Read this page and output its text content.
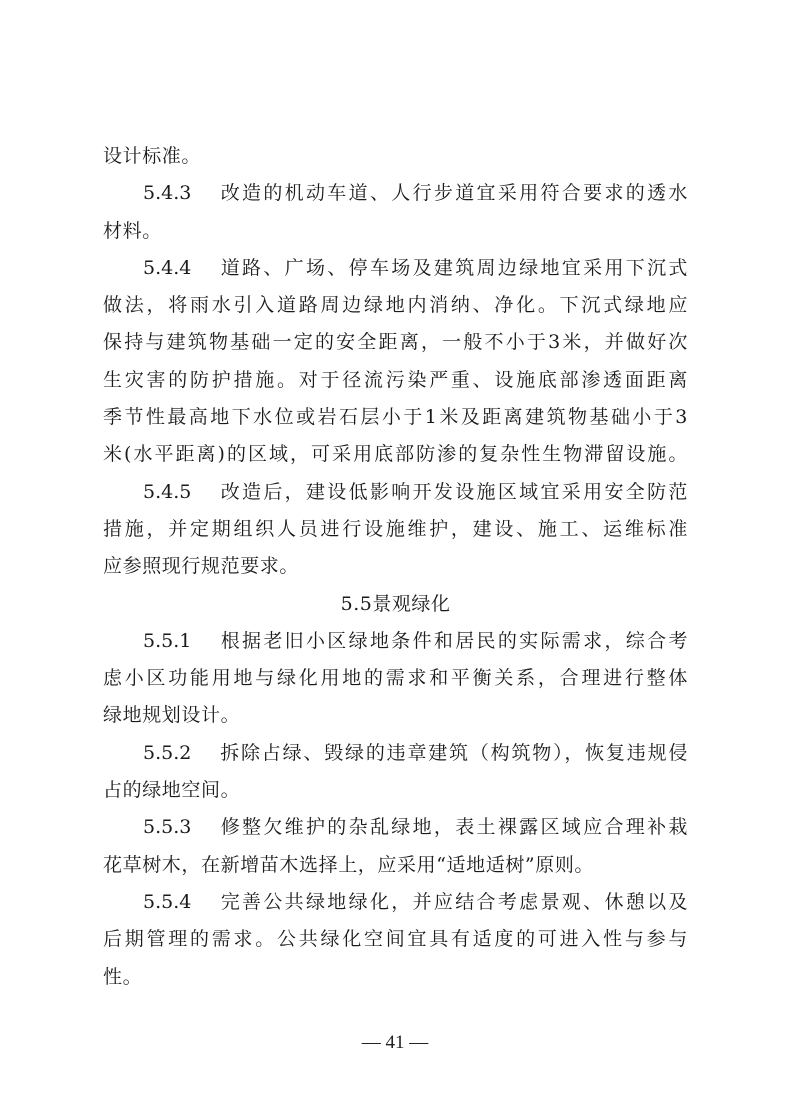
设计标准。
5.4.3 改造的机动车道、人行步道宜采用符合要求的透水
材料。
5.4.4 道路、广场、停车场及建筑周边绿地宜采用下沉式
做法，将雨水引入道路周边绿地内消纳、净化。下沉式绿地应
保持与建筑物基础一定的安全距离，一般不小于3米，并做好次
生灾害的防护措施。对于径流污染严重、设施底部渗透面距离
季节性最高地下水位或岩石层小于1米及距离建筑物基础小于3
米(水平距离)的区域，可采用底部防渗的复杂性生物滞留设施。
5.4.5 改造后，建设低影响开发设施区域宜采用安全防范
措施，并定期组织人员进行设施维护，建设、施工、运维标准
应参照现行规范要求。
5.5景观绿化
5.5.1 根据老旧小区绿地条件和居民的实际需求，综合考
虑小区功能用地与绿化用地的需求和平衡关系，合理进行整体
绿地规划设计。
5.5.2 拆除占绿、毁绿的违章建筑（构筑物），恢复违规侵
占的绿地空间。
5.5.3 修整欠维护的杂乱绿地，表土裸露区域应合理补栽
花草树木，在新增苗木选择上，应采用“适地适树”原则。
5.5.4 完善公共绿地绿化，并应结合考虑景观、休憩以及
后期管理的需求。公共绿化空间宜具有适度的可进入性与参与
性。
— 41 —
